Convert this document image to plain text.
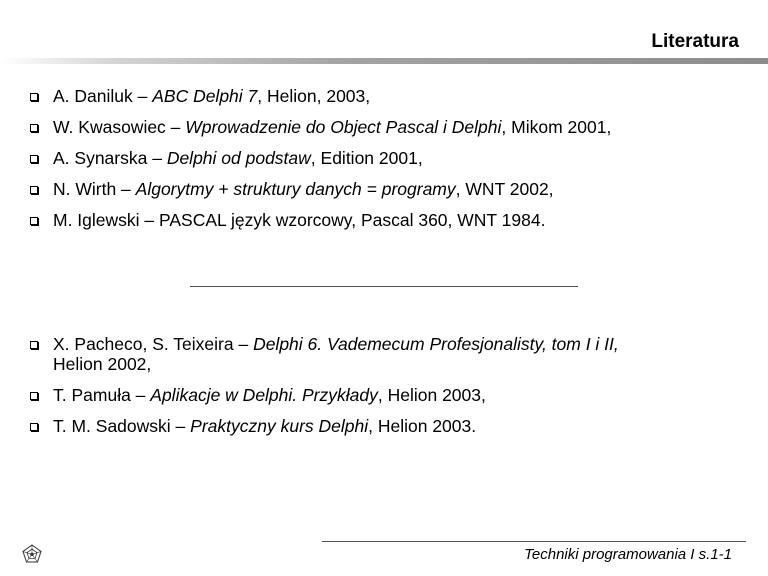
Literatura
A. Daniluk – ABC Delphi 7, Helion, 2003,
W. Kwasowiec – Wprowadzenie do Object Pascal i Delphi, Mikom 2001,
A. Synarska – Delphi od podstaw, Edition 2001,
N. Wirth – Algorytmy + struktury danych = programy, WNT 2002,
M. Iglewski – PASCAL język wzorcowy, Pascal 360, WNT 1984.
X. Pacheco, S. Teixeira – Delphi 6. Vademecum Profesjonalisty, tom I i II,
Helion 2002,
T. Pamuła – Aplikacje w Delphi. Przykłady, Helion 2003,
T. M. Sadowski – Praktyczny kurs Delphi, Helion 2003.
Techniki programowania I s.1-1
